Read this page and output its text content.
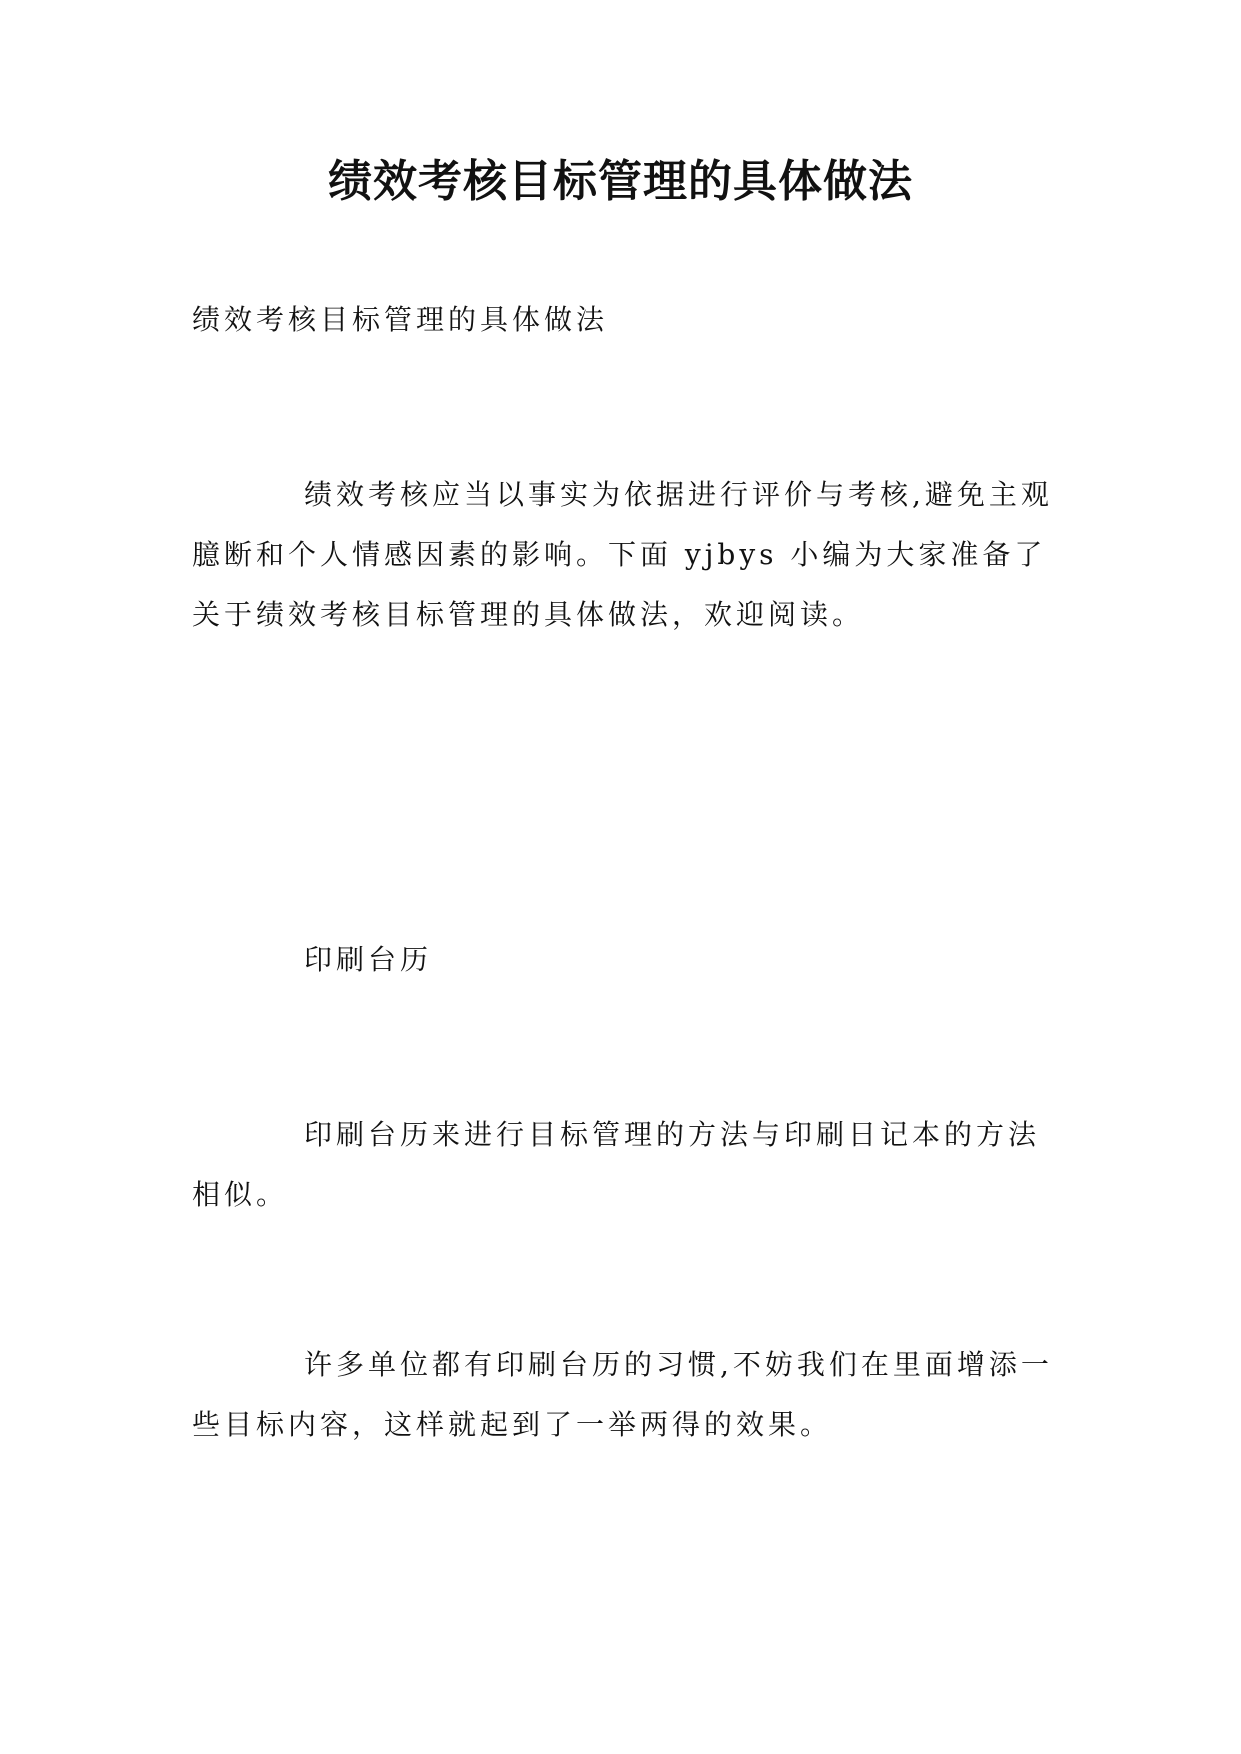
绩效考核目标管理的具体做法

绩效考核目标管理的具体做法

绩效考核应当以事实为依据进行评价与考核,避免主观臆断和个人情感因素的影响。下面 yjbys 小编为大家准备了关于绩效考核目标管理的具体做法，欢迎阅读。

印刷台历

印刷台历来进行目标管理的方法与印刷日记本的方法相似。

许多单位都有印刷台历的习惯,不妨我们在里面增添一些目标内容，这样就起到了一举两得的效果。
